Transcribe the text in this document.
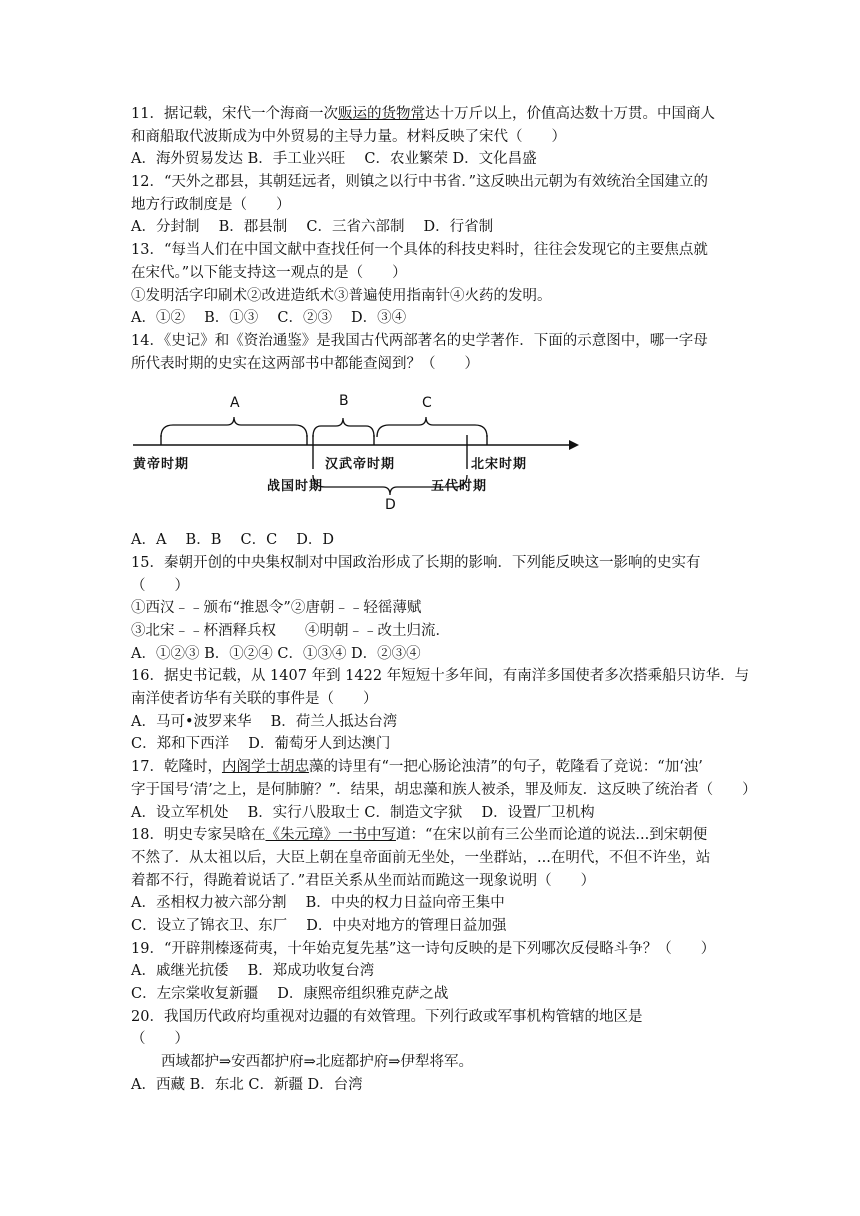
11．据记载，宋代一个海商一次贩运的货物常达十万斤以上，价值高达数十万贯。中国商人
和商船取代波斯成为中外贸易的主导力量。材料反映了宋代（　　）
A．海外贸易发达 B．手工业兴旺　 C．农业繁荣 D．文化昌盛
12．“天外之郡县，其朝廷远者，则镇之以行中书省．”这反映出元朝为有效统治全国建立的
地方行政制度是（　　）
A．分封制　 B．郡县制　 C．三省六部制　 D．行省制
13．“每当人们在中国文献中查找任何一个具体的科技史料时，往往会发现它的主要焦点就
在宋代。”以下能支持这一观点的是（　　）
①发明活字印刷术②改进造纸术③普遍使用指南针④火药的发明。
A．①②　 B．①③　 C．②③　 D．③④
14．《史记》和《资治通鉴》是我国古代两部著名的史学著作．下面的示意图中，哪一字母
所代表时期的史实在这两部书中都能查阅到？（　　）
A	B	C
D
黄帝时期
战国时期
汉武帝时期
五代时期
北宋时期
A．A　 B．B　 C．C　 D．D
15．秦朝开创的中央集权制对中国政治形成了长期的影响．下列能反映这一影响的史实有
（　　）
①西汉﹣﹣颁布“推恩令”②唐朝﹣﹣轻徭薄赋
③北宋﹣﹣杯酒释兵权　　④明朝﹣﹣改土归流．
A．①②③ B．①②④ C．①③④ D．②③④
16．据史书记载，从 1407 年到 1422 年短短十多年间，有南洋多国使者多次搭乘船只访华．与
南洋使者访华有关联的事件是（　　）
A．马可•波罗来华　 B．荷兰人抵达台湾
C．郑和下西洋　 D．葡萄牙人到达澳门
17．乾隆时，内阁学士胡忠藻的诗里有“一把心肠论浊清”的句子，乾隆看了竞说：“加‘浊’
字于国号‘清’之上，是何肺腑？”．结果，胡忠藻和族人被杀，罪及师友．这反映了统治者（　　）
A．设立军机处　 B．实行八股取士 C．制造文字狱　 D．设置厂卫机构
18．明史专家吴晗在《朱元璋》一书中写道：“在宋以前有三公坐而论道的说法...到宋朝便
不然了．从太祖以后，大臣上朝在皇帝面前无坐处，一坐群站，...在明代，不但不许坐，站
着都不行，得跪着说话了．”君臣关系从坐而站而跪这一现象说明（　　）
A．丞相权力被六部分割　 B．中央的权力日益向帝王集中
C．设立了锦衣卫、东厂　 D．中央对地方的管理日益加强
19．“开辟荆榛逐荷夷，十年始克复先基”这一诗句反映的是下列哪次反侵略斗争？（　　）
A．戚继光抗倭　 B．郑成功收复台湾
C．左宗棠收复新疆　 D．康熙帝组织雅克萨之战
20．我国历代政府均重视对边疆的有效管理。下列行政或军事机构管辖的地区是
（　　）
西域都护⇒安西都护府⇒北庭都护府⇒伊犁将军。
A．西藏 B．东北 C．新疆 D．台湾
